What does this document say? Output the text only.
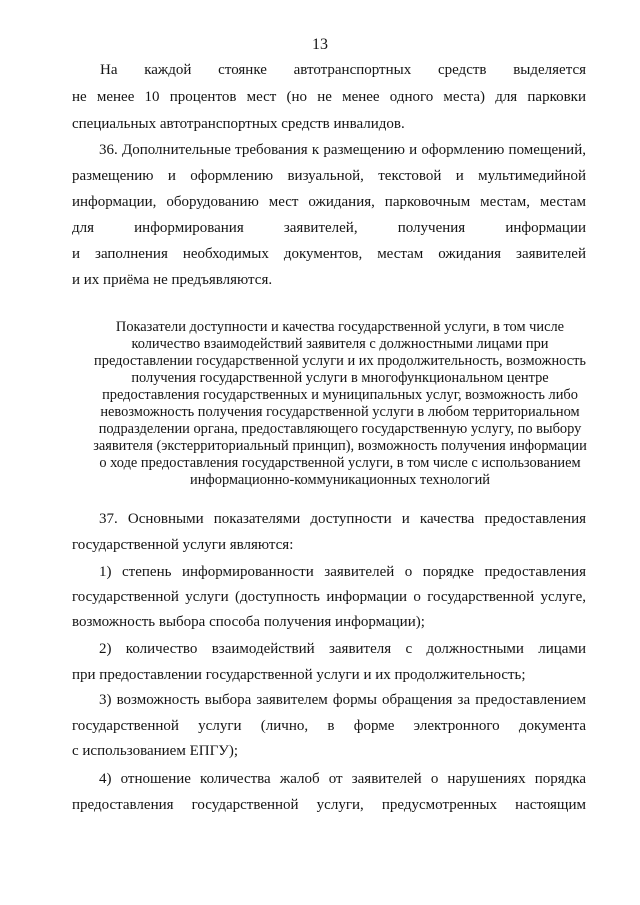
13
На каждой стоянке автотранспортных средств выделяется
не менее 10 процентов мест (но не менее одного места) для парковки
специальных автотранспортных средств инвалидов.
36. Дополнительные требования к размещению и оформлению помещений,
размещению и оформлению визуальной, текстовой и мультимедийной
информации, оборудованию мест ожидания, парковочным местам, местам
для информирования заявителей, получения информации
и заполнения необходимых документов, местам ожидания заявителей
и их приёма не предъявляются.
Показатели доступности и качества государственной услуги, в том числе
количество взаимодействий заявителя с должностными лицами при
предоставлении государственной услуги и их продолжительность, возможность
получения государственной услуги в многофункциональном центре
предоставления государственных и муниципальных услуг, возможность либо
невозможность получения государственной услуги в любом территориальном
подразделении органа, предоставляющего государственную услугу, по выбору
заявителя (экстерриториальный принцип), возможность получения информации
о ходе предоставления государственной услуги, в том числе с использованием
информационно-коммуникационных технологий
37. Основными показателями доступности и качества предоставления
государственной услуги являются:
1) степень информированности заявителей о порядке предоставления
государственной услуги (доступность информации о государственной услуге,
возможность выбора способа получения информации);
2) количество взаимодействий заявителя с должностными лицами
при предоставлении государственной услуги и их продолжительность;
3) возможность выбора заявителем формы обращения за предоставлением
государственной услуги (лично, в форме электронного документа
с использованием ЕПГУ);
4) отношение количества жалоб от заявителей о нарушениях порядка
предоставления государственной услуги, предусмотренных настоящим
